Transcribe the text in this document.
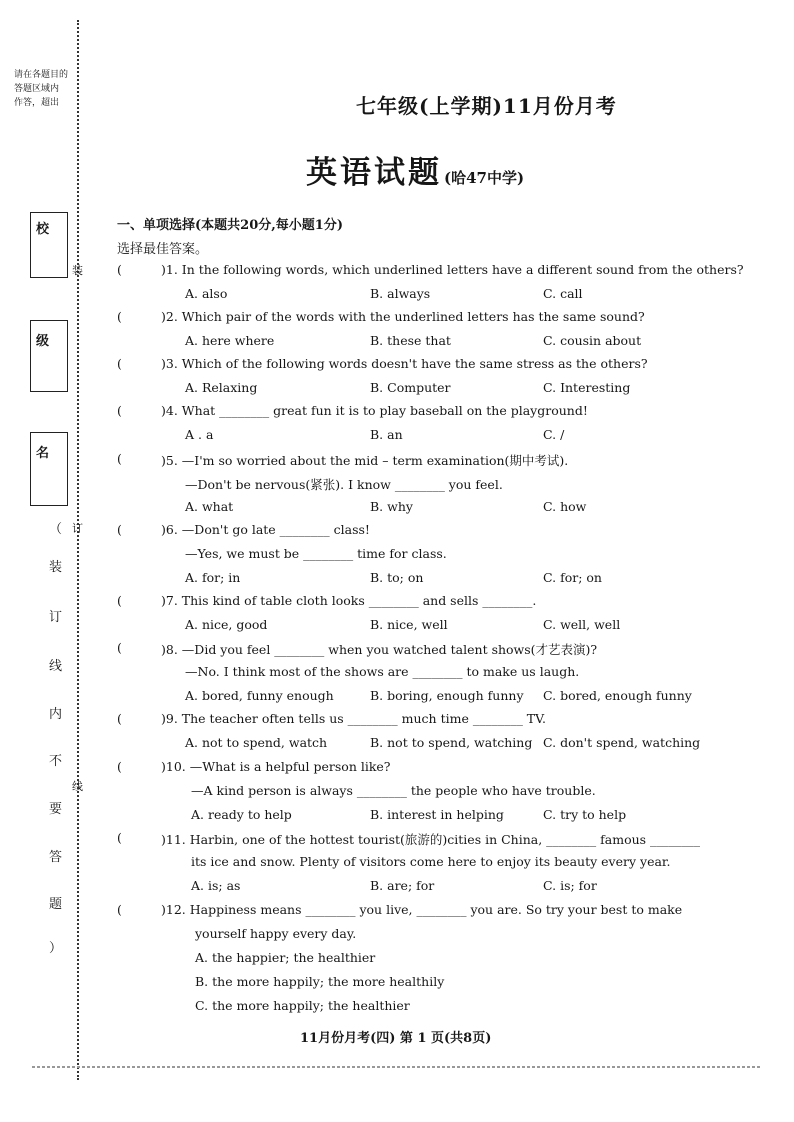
请在各题目的
答题区域内
作答，超出
校
级
名
装
订
线
（
装
订
线
内
不
要
答
题
）
七年级(上学期)11月份月考
英语试题 (哈47中学)
一、单项选择(本题共20分,每小题1分)
选择最佳答案。
(	)1. In the following words, which underlined letters have a different sound from the others?
A. also	B. always	C. call
(	)2. Which pair of the words with the underlined letters has the same sound?
A. here where	B. these that	C. cousin about
(	)3. Which of the following words doesn't have the same stress as the others?
A. Relaxing	B. Computer	C. Interesting
(	)4. What ________ great fun it is to play baseball on the playground!
A . a	B. an	C. /
(	)5. —I'm so worried about the mid – term examination(期中考试).
—Don't be nervous(紧张). I know ________ you feel.
A. what	B. why	C. how
(	)6. —Don't go late ________ class!
—Yes, we must be ________ time for class.
A. for; in	B. to; on	C. for; on
(	)7. This kind of table cloth looks ________ and sells ________.
A. nice, good	B. nice, well	C. well, well
(	)8. —Did you feel ________ when you watched talent shows(才艺表演)?
—No. I think most of the shows are ________ to make us laugh.
A. bored, funny enough	B. boring, enough funny C. bored, enough funny
(	)9. The teacher often tells us ________ much time ________ TV.
A. not to spend, watch	B. not to spend, watching C. don't spend, watching
(	)10. —What is a helpful person like?
—A kind person is always ________ the people who have trouble.
A. ready to help	B. interest in helping	C. try to help
(	)11. Harbin, one of the hottest tourist(旅游的)cities in China, ________ famous ________
its ice and snow. Plenty of visitors come here to enjoy its beauty every year.
A. is; as	B. are; for	C. is; for
(	)12. Happiness means ________ you live, ________ you are. So try your best to make
yourself happy every day.
A. the happier; the healthier
B. the more happily; the more healthily
C. the more happily; the healthier
11月份月考(四) 第 1 页(共8页)
